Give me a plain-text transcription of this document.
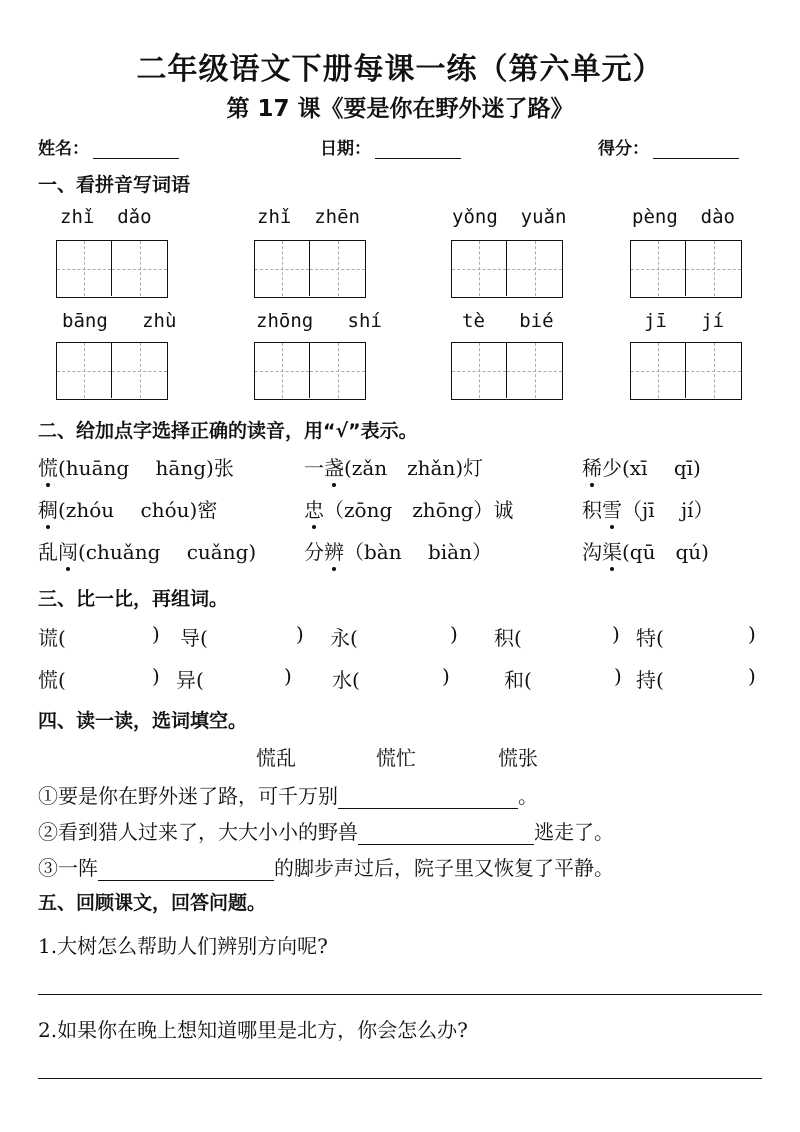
二年级语文下册每课一练（第六单元）
第 17 课《要是你在野外迷了路》
姓名：	日期：	得分：
一、看拼音写词语
zhǐ dǎo	zhǐ zhēn	yǒng yuǎn	pèng dào
bāng zhù	zhōng shí	tè bié	jī jí
二、给加点字选择正确的读音，用“√”表示。
慌(huāng　 hāng)张	一盏(zǎn　zhǎn)灯	稀少(xī　 qī)
稠(zhóu　 chóu)密	忠（zōng　zhōng）诚	积雪（jī　 jí）
乱闯(chuǎng　 cuǎng) 分辨（bàn　 biàn）	沟渠(qū　qú)
三、比一比，再组词。
谎(	) 导(	) 永(	) 积(	) 特(	)
慌(	) 异(	) 水(	)	和(	) 持(	)
四、读一读，选词填空。
慌乱	慌忙	慌张
①要是你在野外迷了路，可千万别	。
②看到猎人过来了，大大小小的野兽	逃走了。
③一阵	的脚步声过后，院子里又恢复了平静。
五、回顾课文，回答问题。
1.大树怎么帮助人们辨别方向呢?
2.如果你在晚上想知道哪里是北方，你会怎么办?
